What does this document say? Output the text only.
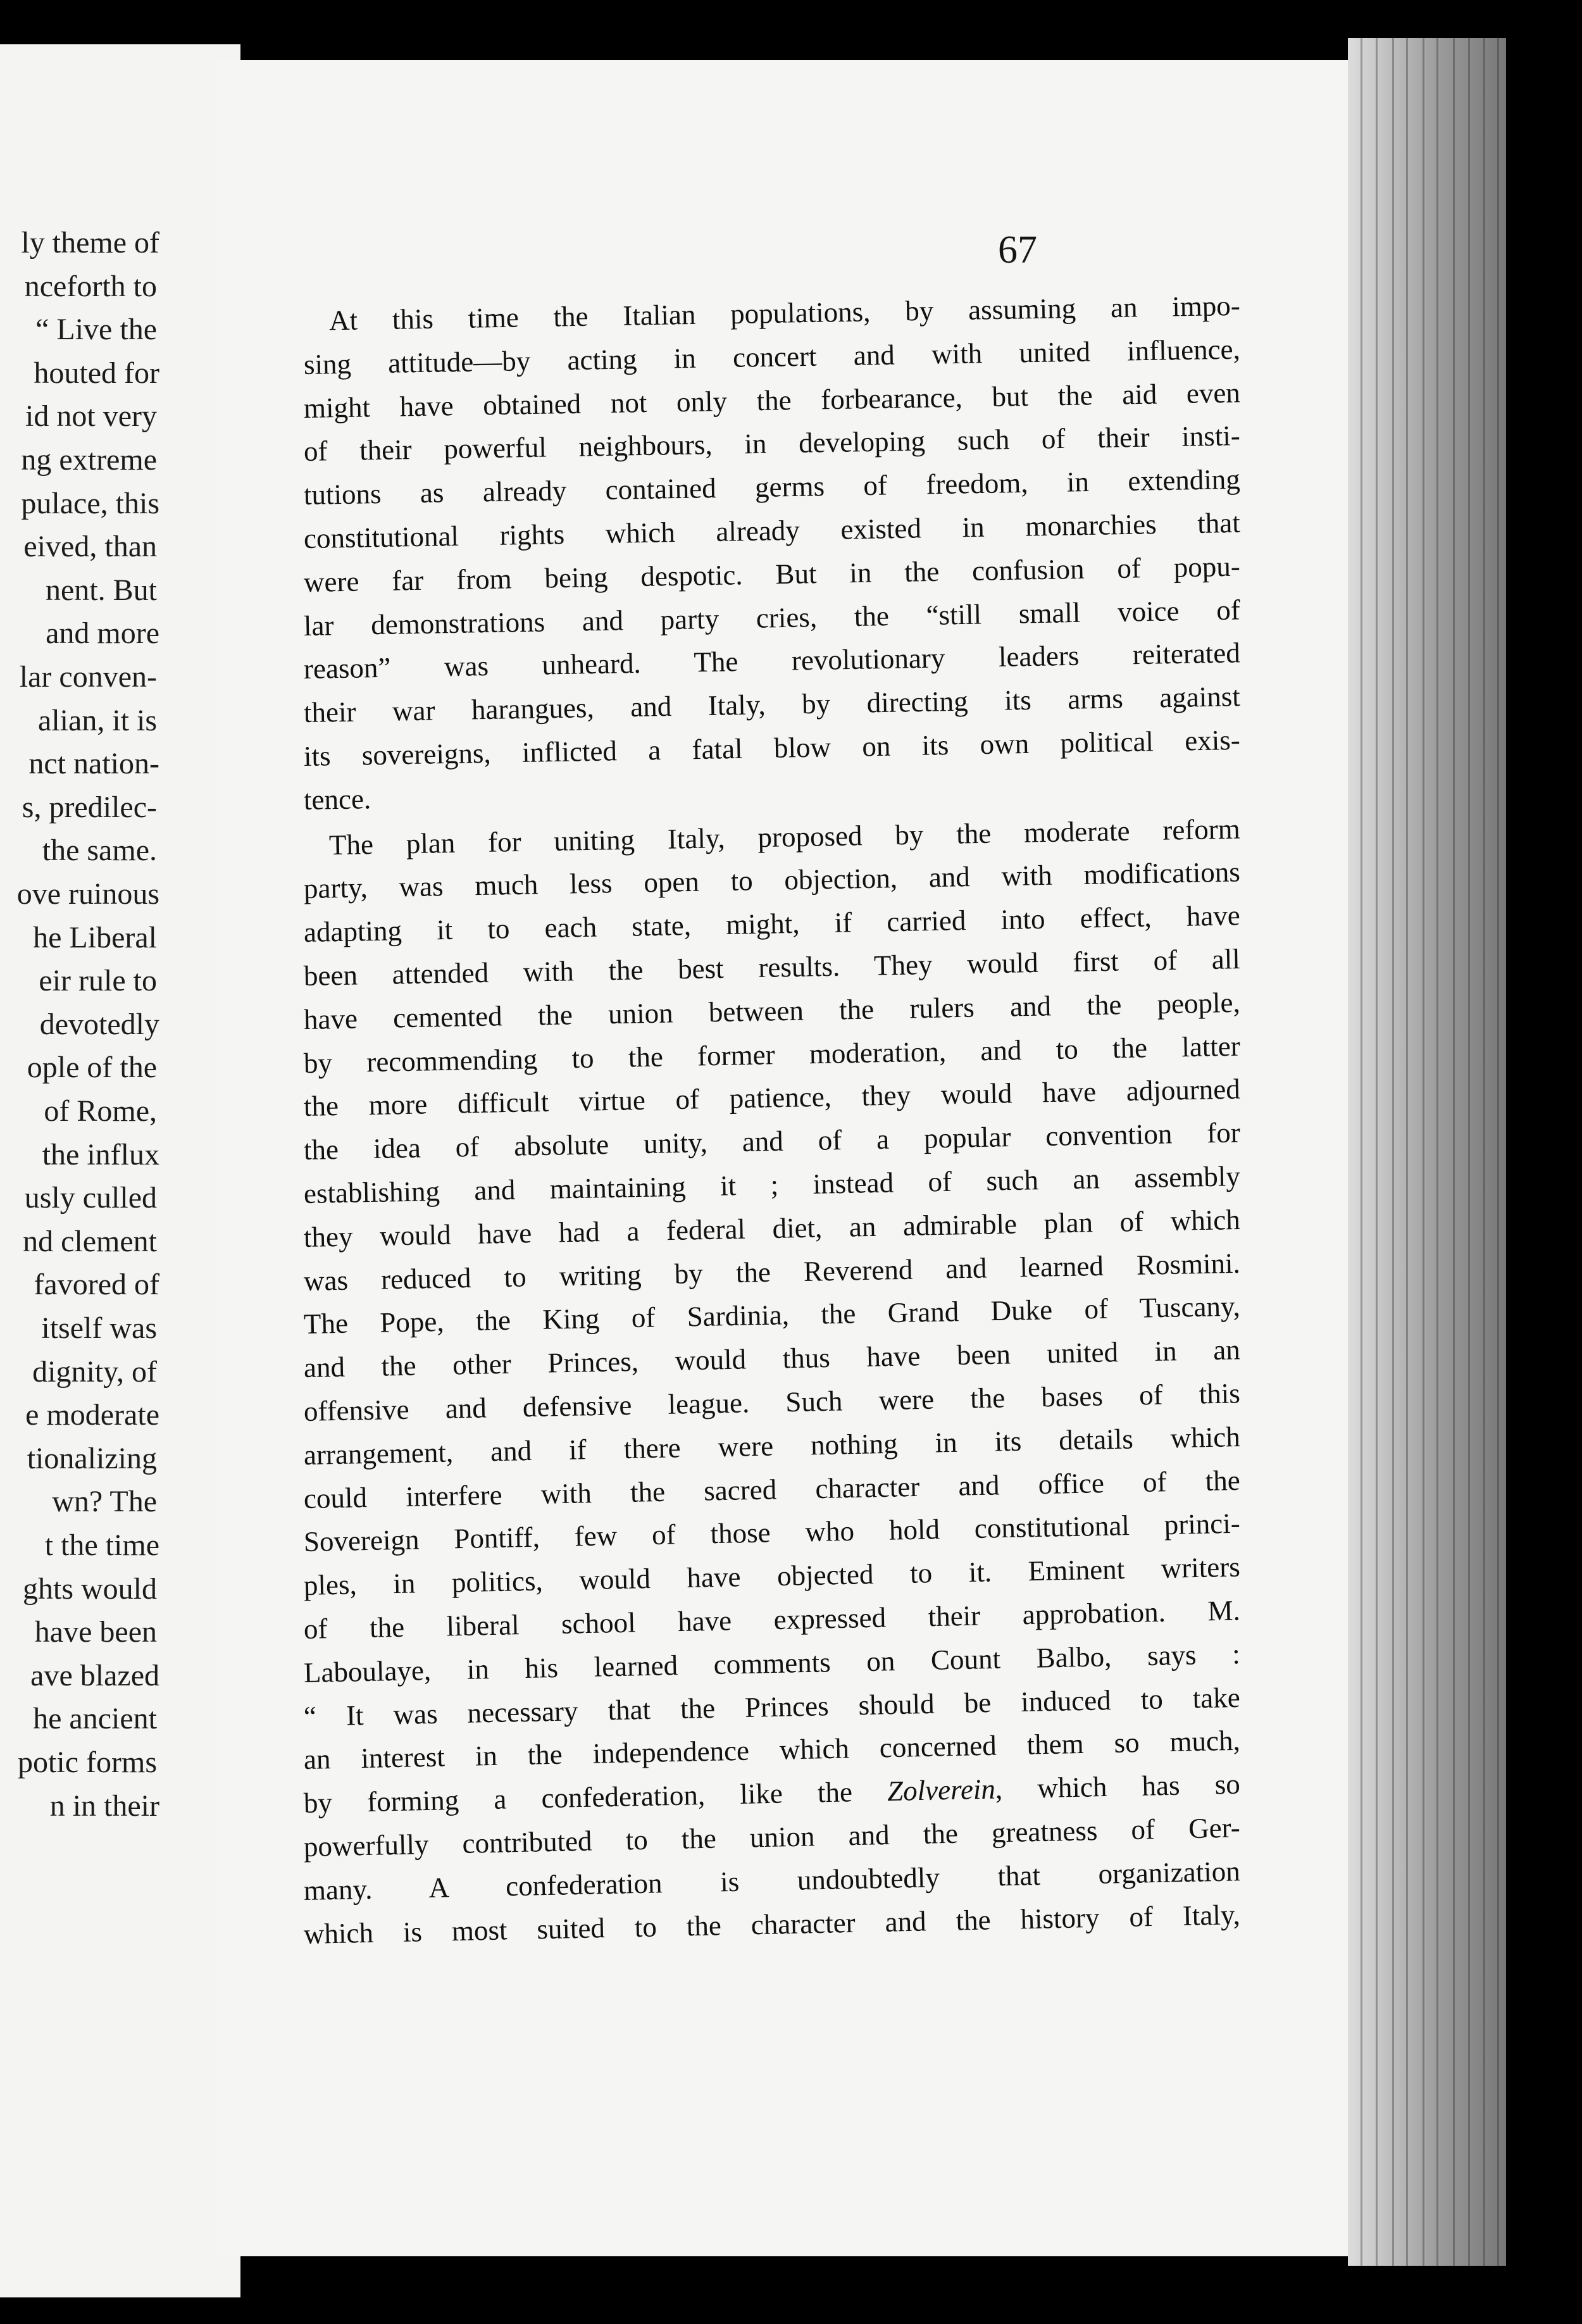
ly theme of
nceforth to
“ Live the
houted for
id not very
ng extreme
pulace, this
eived, than
nent. But
and more
lar conven-
alian, it is
nct nation-
s, predilec-
the same.
ove ruinous
he Liberal
eir rule to
devotedly
ople of the
of Rome,
the influx
usly culled
nd clement
favored of
itself was
dignity, of
e moderate
tionalizing
wn? The
t the time
ghts would
have been
ave blazed
he ancient
potic forms
n in their
67
At this time the Italian populations, by assuming an impo-
sing attitude—by acting in concert and with united influence,
might have obtained not only the forbearance, but the aid even
of their powerful neighbours, in developing such of their insti-
tutions as already contained germs of freedom, in extending
constitutional rights which already existed in monarchies that
were far from being despotic. But in the confusion of popu-
lar demonstrations and party cries, the “still small voice of
reason” was unheard. The revolutionary leaders reiterated
their war harangues, and Italy, by directing its arms against
its sovereigns, inflicted a fatal blow on its own political exis-
tence.
The plan for uniting Italy, proposed by the moderate reform
party, was much less open to objection, and with modifications
adapting it to each state, might, if carried into effect, have
been attended with the best results. They would first of all
have cemented the union between the rulers and the people,
by recommending to the former moderation, and to the latter
the more difficult virtue of patience, they would have adjourned
the idea of absolute unity, and of a popular convention for
establishing and maintaining it ; instead of such an assembly
they would have had a federal diet, an admirable plan of which
was reduced to writing by the Reverend and learned Rosmini.
The Pope, the King of Sardinia, the Grand Duke of Tuscany,
and the other Princes, would thus have been united in an
offensive and defensive league. Such were the bases of this
arrangement, and if there were nothing in its details which
could interfere with the sacred character and office of the
Sovereign Pontiff, few of those who hold constitutional princi-
ples, in politics, would have objected to it. Eminent writers
of the liberal school have expressed their approbation. M.
Laboulaye, in his learned comments on Count Balbo, says :
“ It was necessary that the Princes should be induced to take
an interest in the independence which concerned them so much,
by forming a confederation, like the Zolverein, which has so
powerfully contributed to the union and the greatness of Ger-
many. A confederation is undoubtedly that organization
which is most suited to the character and the history of Italy,
